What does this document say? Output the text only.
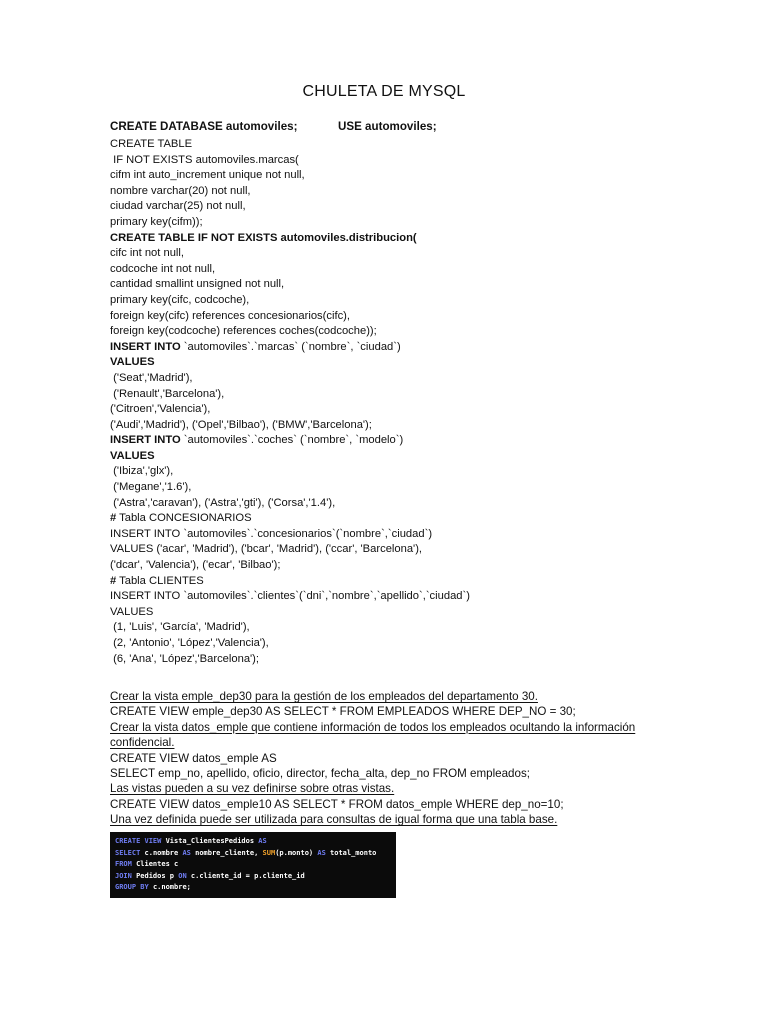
CHULETA DE MYSQL
CREATE DATABASE automoviles;	USE automoviles;
CREATE TABLE
IF NOT EXISTS automoviles.marcas(
cifm int auto_increment unique not null,
nombre varchar(20) not null,
ciudad varchar(25) not null,
primary key(cifm));
CREATE TABLE IF NOT EXISTS automoviles.distribucion(
cifc int not null,
codcoche int not null,
cantidad smallint unsigned not null,
primary key(cifc, codcoche),
foreign key(cifc) references concesionarios(cifc),
foreign key(codcoche) references coches(codcoche));
INSERT INTO `automoviles`.`marcas` (`nombre`, `ciudad`)
VALUES
('Seat','Madrid'),
('Renault','Barcelona'),
('Citroen','Valencia'),
('Audi','Madrid'), ('Opel','Bilbao'), ('BMW','Barcelona');
INSERT INTO `automoviles`.`coches` (`nombre`, `modelo`)
VALUES
('Ibiza','glx'),
('Megane','1.6'),
('Astra','caravan'), ('Astra','gti'), ('Corsa','1.4'),
# Tabla CONCESIONARIOS
INSERT INTO `automoviles`.`concesionarios`(`nombre`,`ciudad`)
VALUES ('acar', 'Madrid'), ('bcar', 'Madrid'), ('ccar', 'Barcelona'),
('dcar', 'Valencia'), ('ecar', 'Bilbao');
# Tabla CLIENTES
INSERT INTO `automoviles`.`clientes`(`dni`,`nombre`,`apellido`,`ciudad`)
VALUES
(1, 'Luis', 'García', 'Madrid'),
(2, 'Antonio', 'López','Valencia'),
(6, 'Ana', 'López','Barcelona');
Crear la vista emple_dep30 para la gestión de los empleados del departamento 30.
CREATE VIEW emple_dep30 AS SELECT * FROM EMPLEADOS WHERE DEP_NO = 30;
Crear la vista datos_emple que contiene información de todos los empleados ocultando la información confidencial.
CREATE VIEW datos_emple AS
SELECT emp_no, apellido, oficio, director, fecha_alta, dep_no FROM empleados;
Las vistas pueden a su vez definirse sobre otras vistas.
CREATE VIEW datos_emple10 AS SELECT * FROM datos_emple WHERE dep_no=10;
Una vez definida puede ser utilizada para consultas de igual forma que una tabla base.
CREATE VIEW Vista_ClientesPedidos AS
SELECT c.nombre AS nombre_cliente, SUM(p.monto) AS total_monto
FROM Clientes c
JOIN Pedidos p ON c.cliente_id = p.cliente_id
GROUP BY c.nombre;
